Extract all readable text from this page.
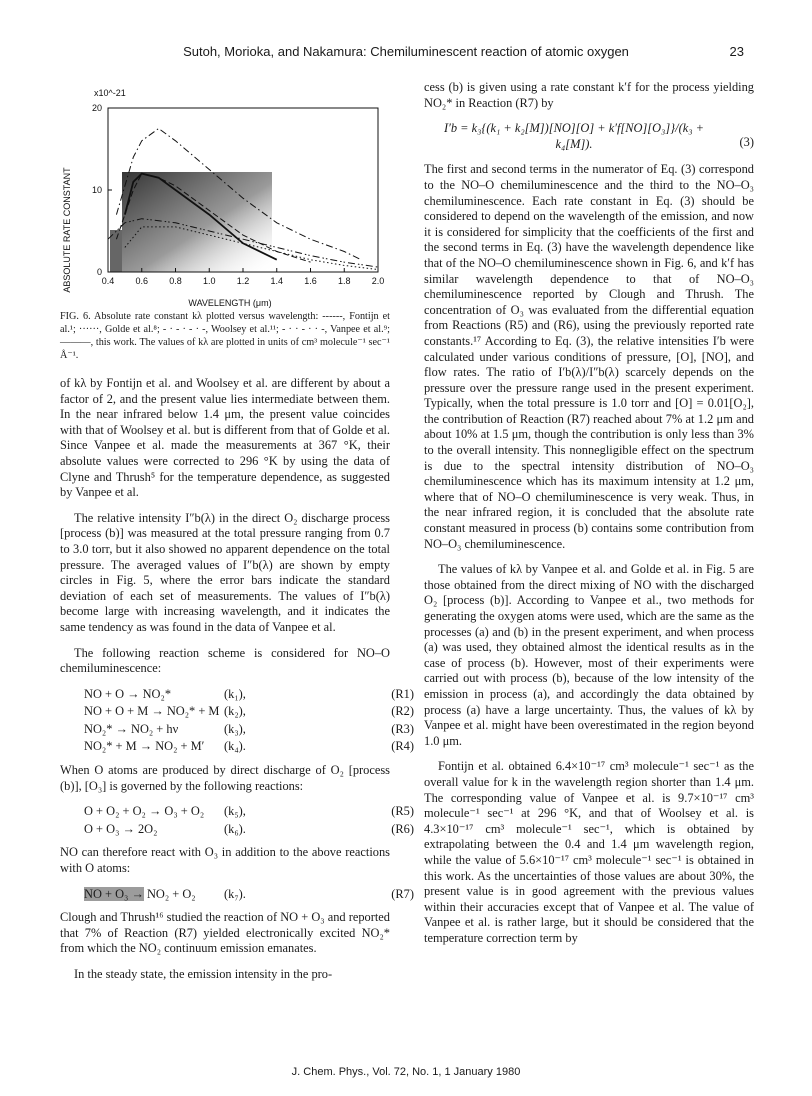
Sutoh, Morioka, and Nakamura: Chemiluminescent reaction of atomic oxygen	23
0.4 0.6 0.8 1.0 1.2 1.4 1.6 1.8 2.0
20
10
0
x10^-21
ABSOLUTE RATE CONSTANT
WAVELENGTH (μm)

FIG. 6. Absolute rate constant kλ plotted versus wavelength: ------, Fontijn et al.¹; ······, Golde et al.⁸; - · - · - · -, Woolsey et al.¹¹; - · · - · · -, Vanpee et al.⁹; ———, this work. The values of kλ are plotted in units of cm³ molecule⁻¹ sec⁻¹ Å⁻¹.

of kλ by Fontijn et al. and Woolsey et al. are different by about a factor of 2, and the present value lies intermediate between them. In the near infrared below 1.4 μm, the present value coincides with that of Woolsey et al. but is different from that of Golde et al. Since Vanpee et al. made the measurements at 367 °K, their absolute values were corrected to 296 °K by using the data of Clyne and Thrush⁵ for the temperature dependence, as suggested by Vanpee et al.

The relative intensity I″b(λ) in the direct O₂ discharge process [process (b)] was measured at the total pressure ranging from 0.7 to 3.0 torr, but it also showed no apparent dependence on the total pressure. The averaged values of I″b(λ) are shown by empty circles in Fig. 5, where the error bars indicate the standard deviation of each set of measurements. The values of I″b(λ) become large with increasing wavelength, and it indicates the same tendency as was found in the data of Vanpee et al.

The following reaction scheme is considered for NO–O chemiluminescence:

NO + O → NO₂*	(k₁),	(R1)
NO + O + M → NO₂* + M (k₂),	(R2)
NO₂* → NO₂ + hν	(k₃),	(R3)
NO₂* + M → NO₂ + M′	(k₄).	(R4)

When O atoms are produced by direct discharge of O₂ [process (b)], [O₃] is governed by the following reactions:

O + O₂ + O₂ → O₃ + O₂	(k₅),	(R5)
O + O₃ → 2O₂	(k₆).	(R6)

NO can therefore react with O₃ in addition to the above reactions with O atoms:

NO + O₃ → NO₂ + O₂	(k₇).	(R7)

Clough and Thrush¹⁶ studied the reaction of NO + O₃ and reported that 7% of Reaction (R7) yielded electronically excited NO₂* from which the NO₂ continuum emission emanates.

In the steady state, the emission intensity in the pro-

cess (b) is given using a rate constant k′f for the process yielding NO₂* in Reaction (R7) by

I′b = k₃{(k₁ + k₂[M])[NO][O] + k′f[NO][O₃]}/(k₃ + k₄[M]).	(3)

The first and second terms in the numerator of Eq. (3) correspond to the NO–O chemiluminescence and the third to the NO–O₃ chemiluminescence. Each rate constant in Eq. (3) should be considered to depend on the wavelength of the emission, and now it is considered for simplicity that the coefficients of the first and the second terms in Eq. (3) have the wavelength dependence like that of the NO–O chemiluminescence shown in Fig. 6, and k′f has similar wavelength dependence to that of NO–O₃ chemiluminescence reported by Clough and Thrush. The concentration of O₃ was evaluated from the differential equation from Reactions (R5) and (R6), using the previously reported rate constants.¹⁷ According to Eq. (3), the relative intensities I′b were calculated under various conditions of pressure, [O], [NO], and flow rates. The ratio of I′b(λ)/I″b(λ) scarcely depends on the pressure over the pressure range used in the present experiment. Typically, when the total pressure is 1.0 torr and [O] = 0.01[O₂], the contribution of Reaction (R7) reached about 7% at 1.2 μm and about 10% at 1.5 μm, though the contribution is only less than 3% to the overall intensity. This nonnegligible effect on the spectrum is due to the spectral intensity distribution of NO–O₃ chemiluminescence which has its maximum intensity at 1.2 μm, where that of NO–O chemiluminescence is very weak. Thus, in the near infrared region, it is concluded that the absolute rate constant measured in process (b) contains some contribution from NO–O₃ chemiluminescence.

The values of kλ by Vanpee et al. and Golde et al. in Fig. 5 are those obtained from the direct mixing of NO with the discharged O₂ [process (b)]. According to Vanpee et al., two methods for generating the oxygen atoms were used, which are the same as the processes (a) and (b) in the present experiment, and when process (a) was used, they obtained almost the identical results as in the case of process (b). However, most of their experiments were carried out with process (b), because of the low intensity of the emission in process (a), and accordingly the data obtained by process (a) have a large uncertainty. Thus, the values of kλ by Vanpee et al. might have been overestimated in the region beyond 1.0 μm.

Fontijn et al. obtained 6.4×10⁻¹⁷ cm³ molecule⁻¹ sec⁻¹ as the overall value for k in the wavelength region shorter than 1.4 μm. The corresponding value of Vanpee et al. is 9.7×10⁻¹⁷ cm³ molecule⁻¹ sec⁻¹ at 296 °K, and that of Woolsey et al. is 4.3×10⁻¹⁷ cm³ molecule⁻¹ sec⁻¹, which is obtained by extrapolating between the 0.4 and 1.4 μm wavelength region, while the value of 5.6×10⁻¹⁷ cm³ molecule⁻¹ sec⁻¹ is obtained in this work. As the uncertainties of those values are about 30%, the present value is in good agreement with the previous values within their accuracies except that of Vanpee et al. The value of Vanpee et al. is rather large, but it should be considered that the temperature correction term by

J. Chem. Phys., Vol. 72, No. 1, 1 January 1980
